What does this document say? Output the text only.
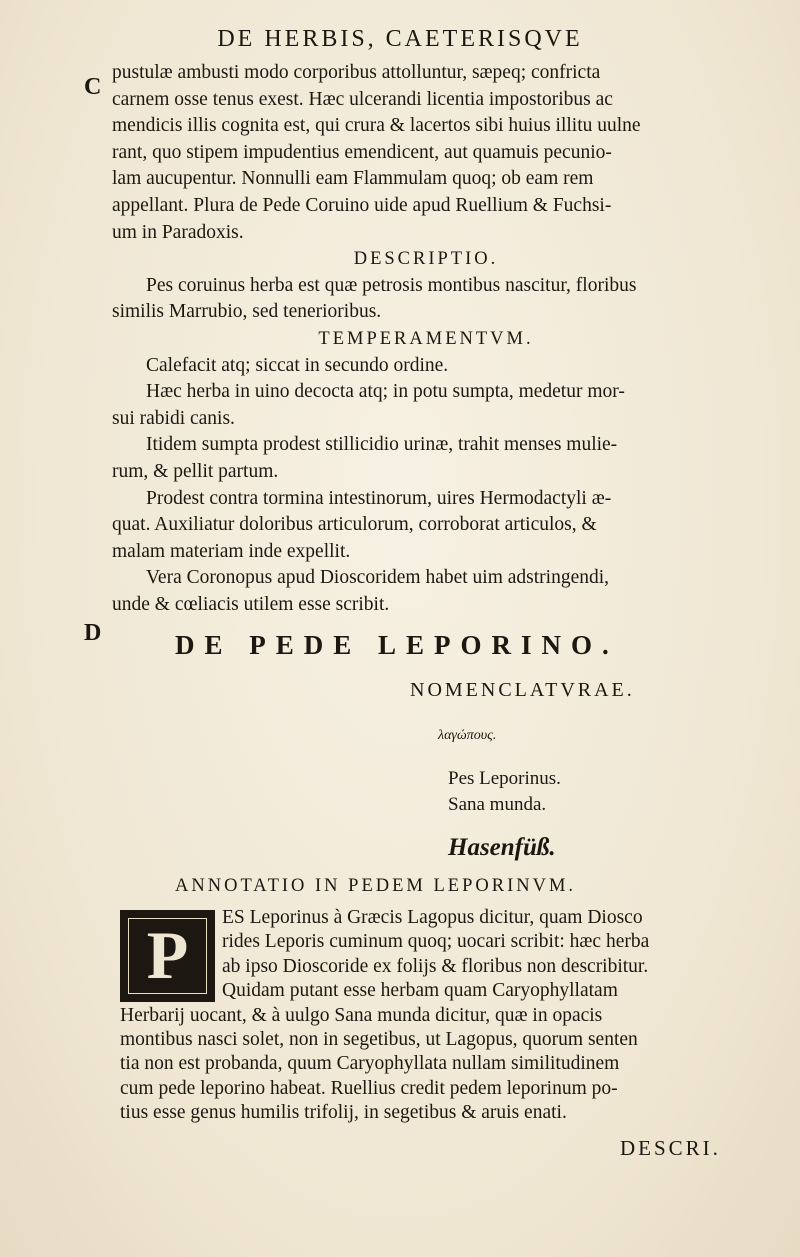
DE HERBIS, CAETERISQVE
C
D
pustulæ ambusti modo corporibus attolluntur, sæpeq; confricta
carnem osse tenus exest. Hæc ulcerandi licentia impostoribus ac
mendicis illis cognita est, qui crura & lacertos sibi huius illitu uulne
rant, quo stipem impudentius emendicent, aut quamuis pecunio-
lam aucupentur. Nonnulli eam Flammulam quoq; ob eam rem
appellant. Plura de Pede Coruino uide apud Ruellium & Fuchsi-
um in Paradoxis.

DESCRIPTIO.

Pes coruinus herba est quæ petrosis montibus nascitur, floribus
similis Marrubio, sed tenerioribus.

TEMPERAMENTVM.

Calefacit atq; siccat in secundo ordine.
Hæc herba in uino decocta atq; in potu sumpta, medetur mor-
sui rabidi canis.
Itidem sumpta prodest stillicidio urinæ, trahit menses mulie-
rum, & pellit partum.
Prodest contra tormina intestinorum, uires Hermodactyli æ-
quat. Auxiliatur doloribus articulorum, corroborat articulos, &
malam materiam inde expellit.
Vera Coronopus apud Dioscoridem habet uim adstringendi,
unde & cœliacis utilem esse scribit.
DE PEDE LEPORINO.
NOMENCLATVRAE.
λαγώπους.
Pes Leporinus.
Sana munda.
Hasenfüß.
ANNOTATIO IN PEDEM LEPORINVM.
P	ES Leporinus à Græcis Lagopus dicitur, quam Diosco
rides Leporis cuminum quoq; uocari scribit: hæc herba
ab ipso Dioscoride ex folijs & floribus non describitur.
Quidam putant esse herbam quam Caryophyllatam
Herbarij uocant, & à uulgo Sana munda dicitur, quæ in opacis
montibus nasci solet, non in segetibus, ut Lagopus, quorum senten
tia non est probanda, quum Caryophyllata nullam similitudinem
cum pede leporino habeat. Ruellius credit pedem leporinum po-
tius esse genus humilis trifolij, in segetibus & aruis enati.
DESCRI.
